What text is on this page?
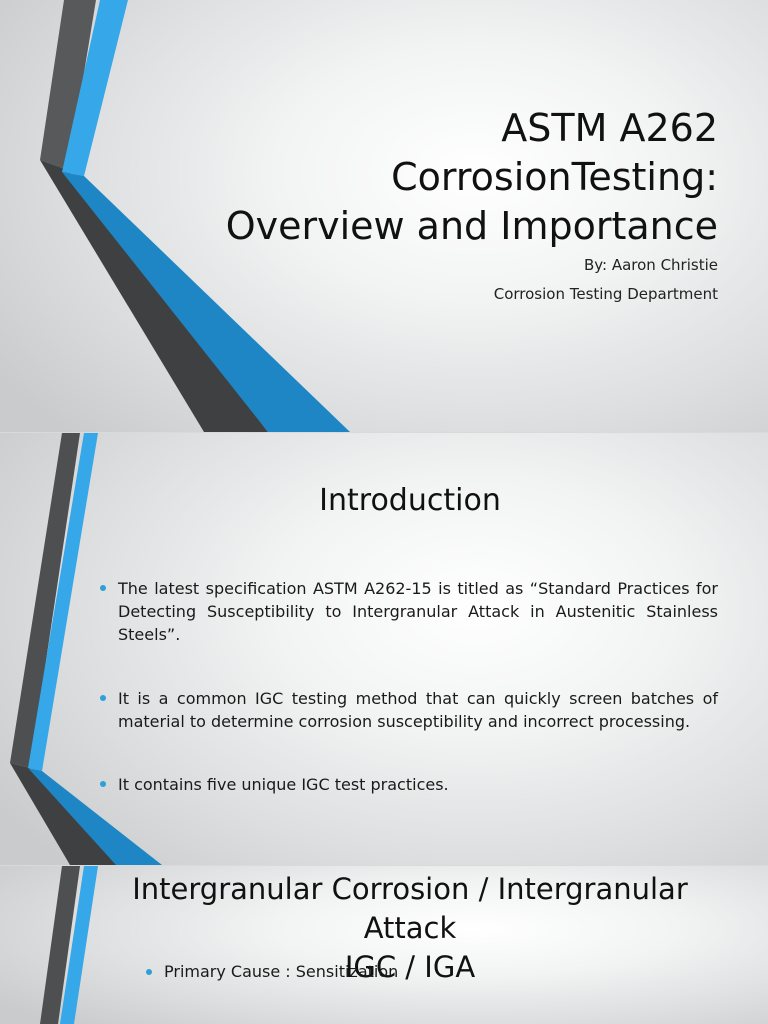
ASTM A262
CorrosionTesting:
Overview and Importance
By: Aaron Christie
Corrosion Testing Department
Introduction
The latest specification ASTM A262-15 is titled as “Standard Practices for Detecting Susceptibility to Intergranular Attack in Austenitic Stainless Steels”.
It is a common IGC testing method that can quickly screen batches of material to determine corrosion susceptibility and incorrect processing.
It contains five unique IGC test practices.
Intergranular Corrosion / Intergranular
Attack
IGC / IGA
Primary Cause : Sensitization
